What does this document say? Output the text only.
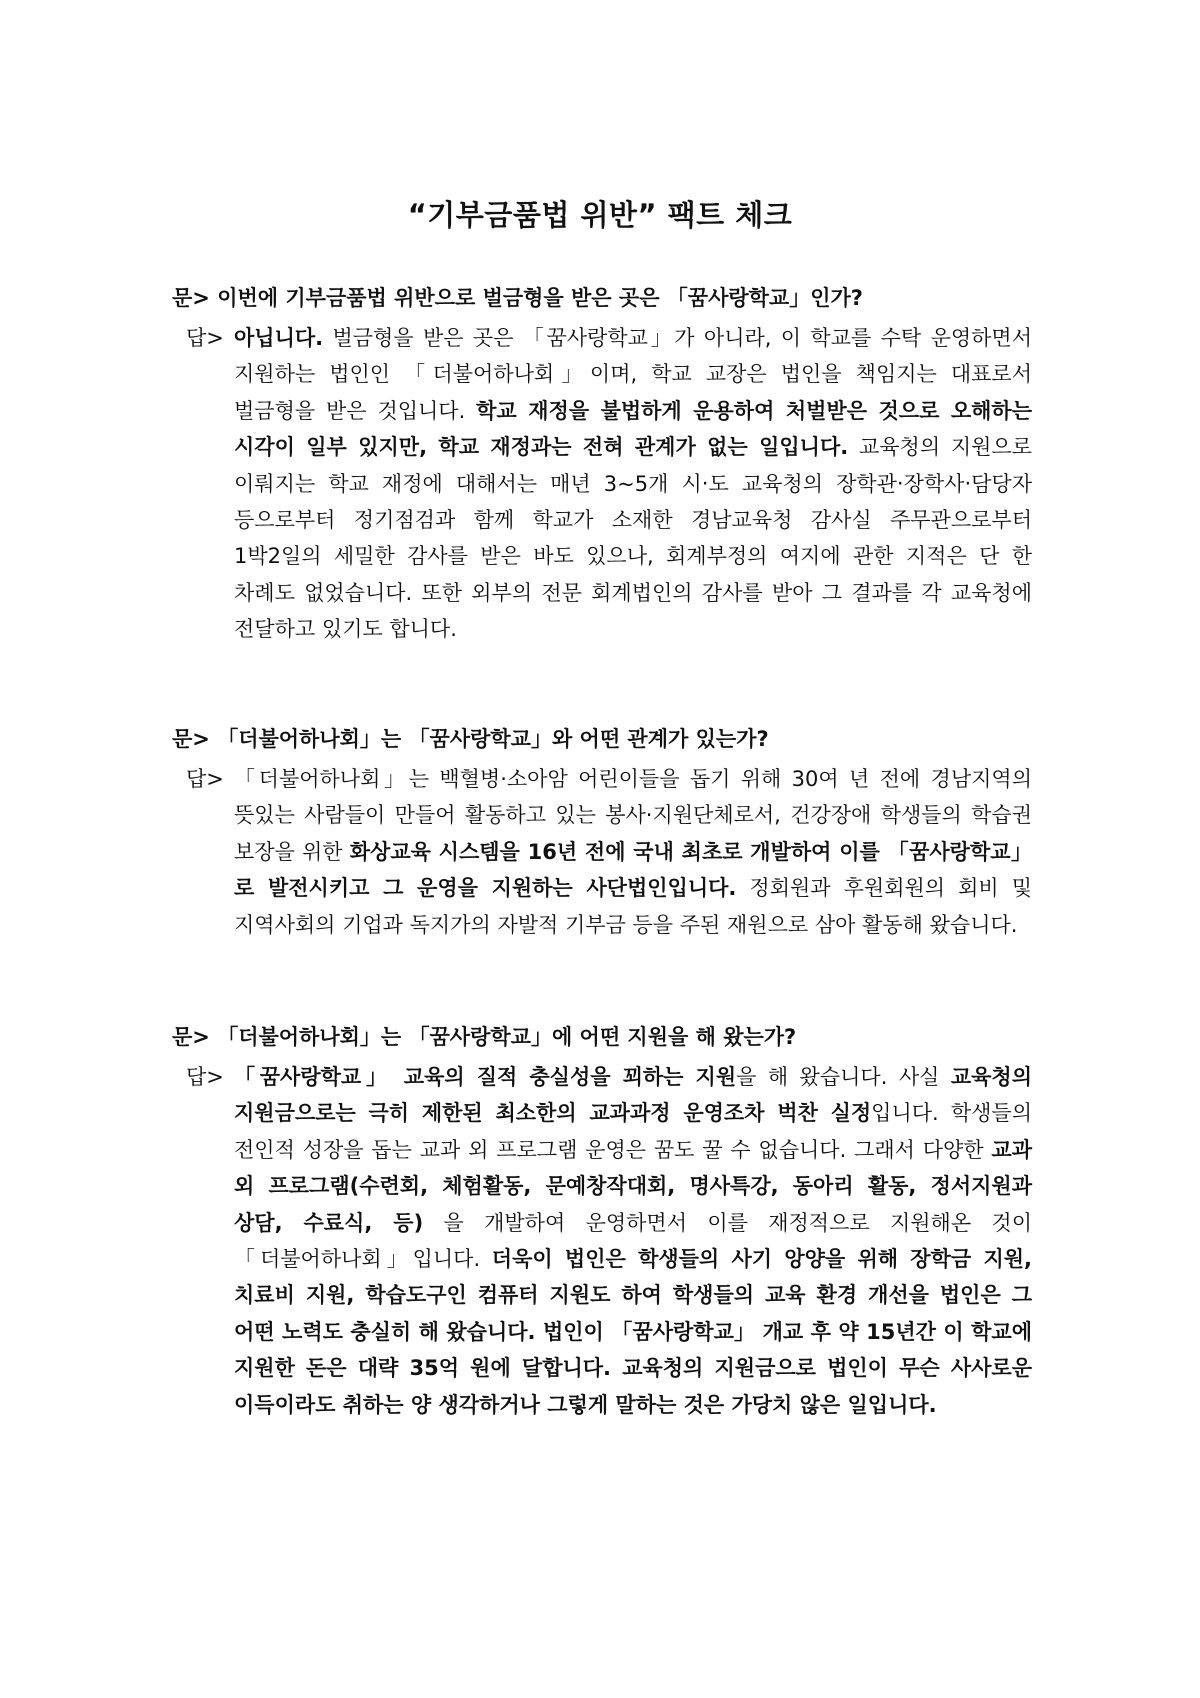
“기부금품법 위반” 팩트 체크
문> 이번에 기부금품법 위반으로 벌금형을 받은 곳은 「꿈사랑학교」인가?
답> 아닙니다. 벌금형을 받은 곳은 「꿈사랑학교」가 아니라, 이 학교를 수탁 운영하면서 지원하는 법인인 「더불어하나회」이며, 학교 교장은 법인을 책임지는 대표로서 벌금형을 받은 것입니다. 학교 재정을 불법하게 운용하여 처벌받은 것으로 오해하는 시각이 일부 있지만, 학교 재정과는 전혀 관계가 없는 일입니다. 교육청의 지원으로 이뤄지는 학교 재정에 대해서는 매년 3~5개 시‧도 교육청의 장학관‧장학사‧담당자 등으로부터 정기점검과 함께 학교가 소재한 경남교육청 감사실 주무관으로부터 1박2일의 세밀한 감사를 받은 바도 있으나, 회계부정의 여지에 관한 지적은 단 한 차례도 없었습니다. 또한 외부의 전문 회계법인의 감사를 받아 그 결과를 각 교육청에 전달하고 있기도 합니다.
문> 「더불어하나회」는 「꿈사랑학교」와 어떤 관계가 있는가?
답> 「더불어하나회」는 백혈병·소아암 어린이들을 돕기 위해 30여 년 전에 경남지역의 뜻있는 사람들이 만들어 활동하고 있는 봉사·지원단체로서, 건강장애 학생들의 학습권 보장을 위한 화상교육 시스템을 16년 전에 국내 최초로 개발하여 이를 「꿈사랑학교」로 발전시키고 그 운영을 지원하는 사단법인입니다. 정회원과 후원회원의 회비 및 지역사회의 기업과 독지가의 자발적 기부금 등을 주된 재원으로 삼아 활동해 왔습니다.
문> 「더불어하나회」는 「꿈사랑학교」에 어떤 지원을 해 왔는가?
답> 「꿈사랑학교」 교육의 질적 충실성을 꾀하는 지원을 해 왔습니다. 사실 교육청의 지원금으로는 극히 제한된 최소한의 교과과정 운영조차 벅찬 실정입니다. 학생들의 전인적 성장을 돕는 교과 외 프로그램 운영은 꿈도 꿀 수 없습니다. 그래서 다양한 교과 외 프로그램(수련회, 체험활동, 문예창작대회, 명사특강, 동아리 활동, 정서지원과 상담, 수료식, 등) 을 개발하여 운영하면서 이를 재정적으로 지원해온 것이 「더불어하나회」입니다. 더욱이 법인은 학생들의 사기 앙양을 위해 장학금 지원, 치료비 지원, 학습도구인 컴퓨터 지원도 하여 학생들의 교육 환경 개선을 법인은 그 어떤 노력도 충실히 해 왔습니다. 법인이 「꿈사랑학교」 개교 후 약 15년간 이 학교에 지원한 돈은 대략 35억 원에 달합니다. 교육청의 지원금으로 법인이 무슨 사사로운 이득이라도 취하는 양 생각하거나 그렇게 말하는 것은 가당치 않은 일입니다.
